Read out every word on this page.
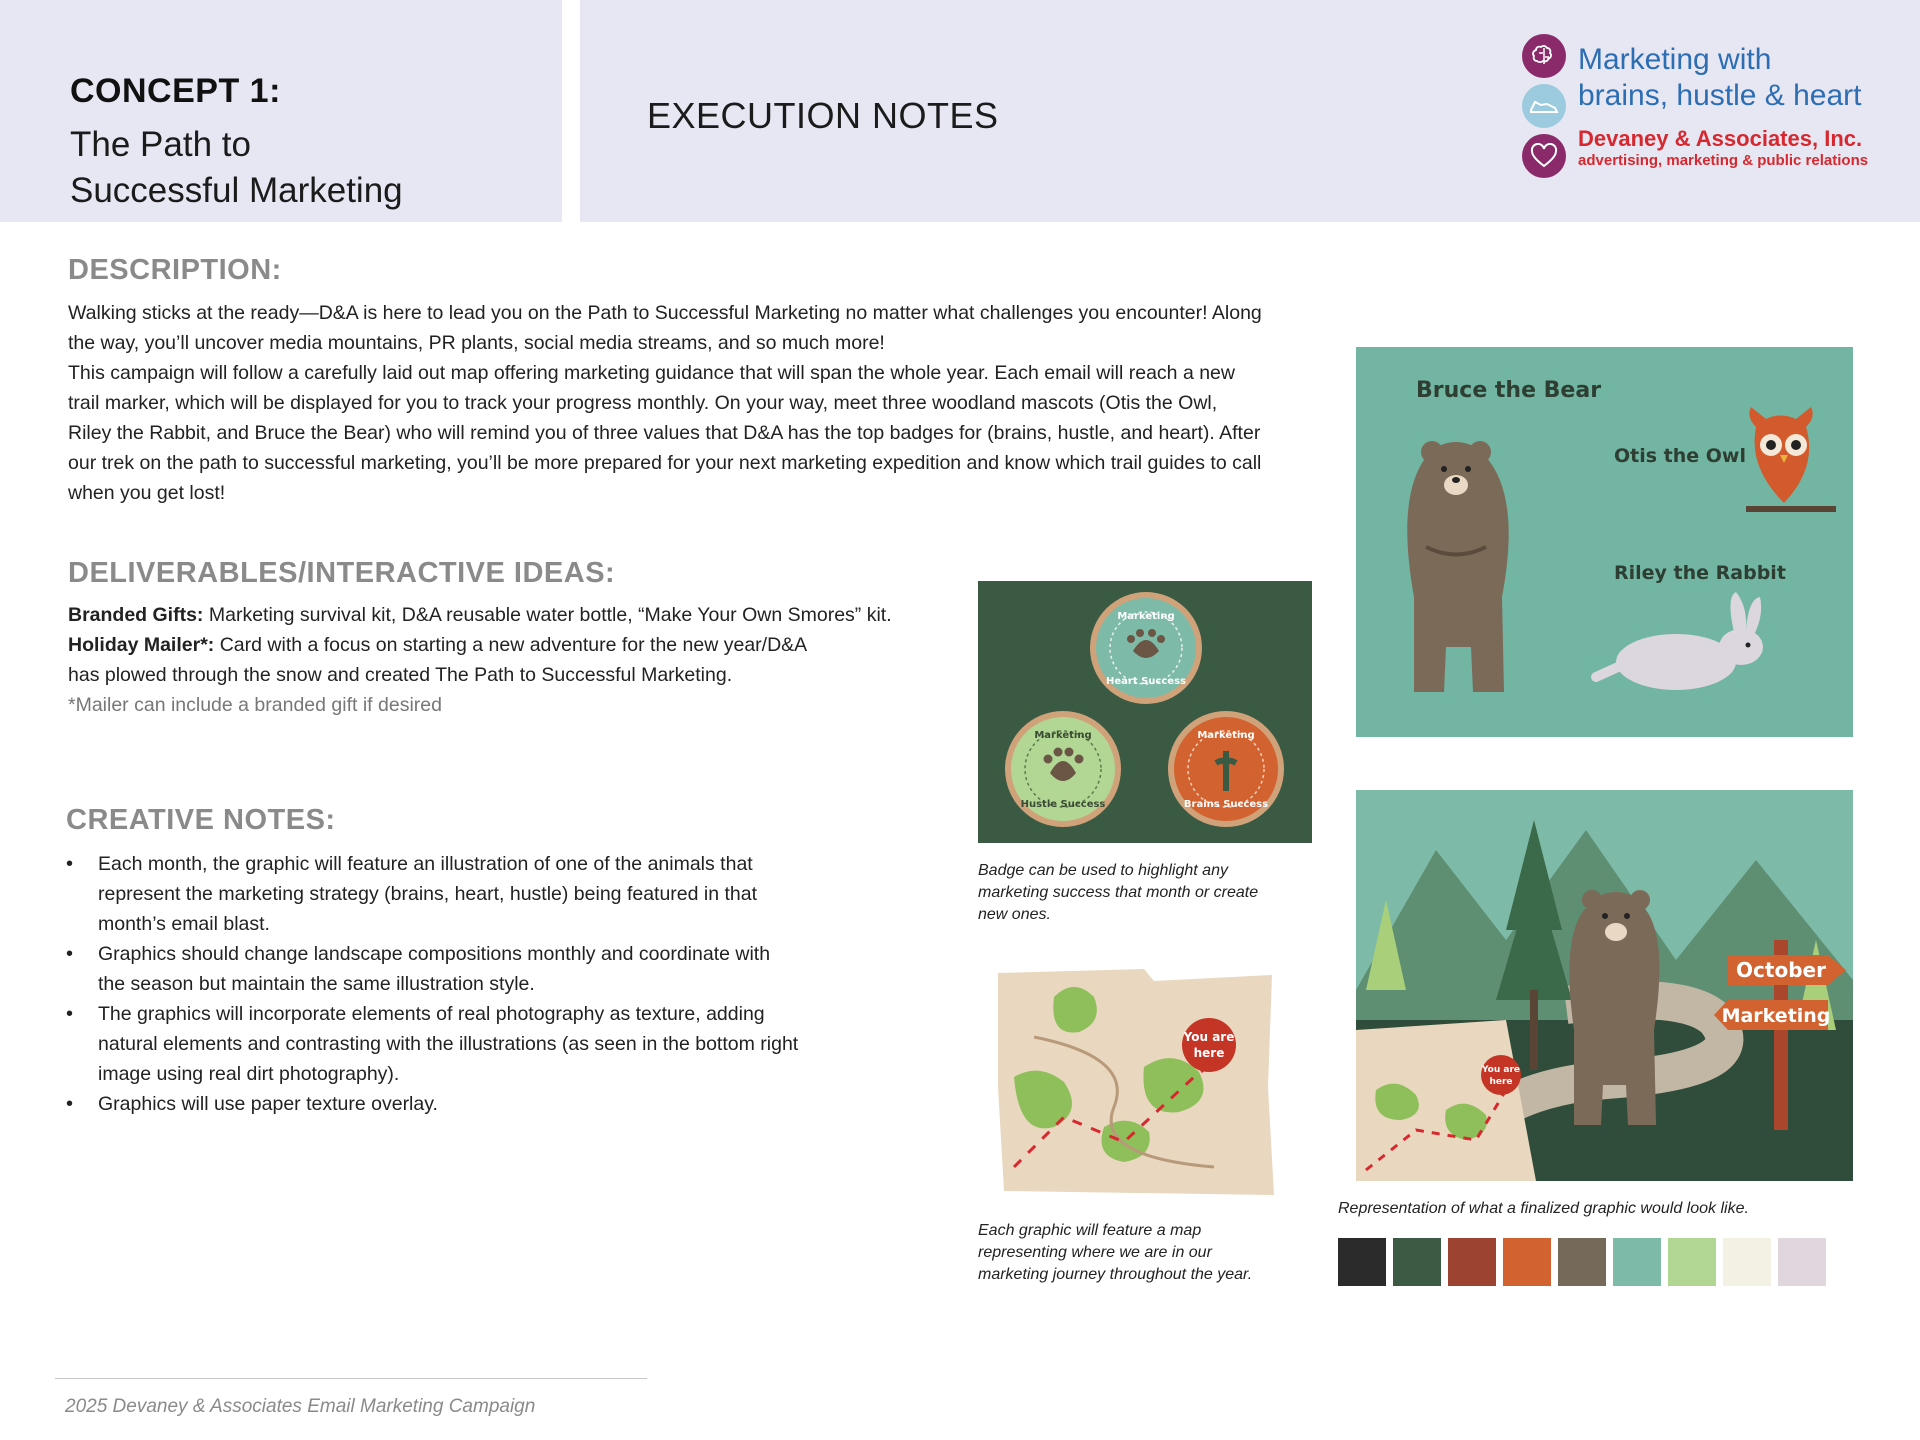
CONCEPT 1:
The Path to
Successful Marketing
EXECUTION NOTES
Marketing with
brains, hustle & heart
Devaney & Associates, Inc.
advertising, marketing & public relations
DESCRIPTION:

Walking sticks at the ready—D&A is here to lead you on the Path to Successful Marketing no matter what challenges you encounter! Along the way, you’ll uncover media mountains, PR plants, social media streams, and so much more!

This campaign will follow a carefully laid out map offering marketing guidance that will span the whole year. Each email will reach a new trail marker, which will be displayed for you to track your progress monthly. On your way, meet three woodland mascots (Otis the Owl, Riley the Rabbit, and Bruce the Bear) who will remind you of three values that D&A has the top badges for (brains, hustle, and heart). After our trek on the path to successful marketing, you’ll be more prepared for your next marketing expedition and know which trail guides to call when you get lost!

DELIVERABLES/INTERACTIVE IDEAS:
Branded Gifts: Marketing survival kit, D&A reusable water bottle, “Make Your Own Smores” kit.
Holiday Mailer*: Card with a focus on starting a new adventure for the new year/D&A
has plowed through the snow and created The Path to Successful Marketing.
*Mailer can include a branded gift if desired
CREATIVE NOTES:
• Each month, the graphic will feature an illustration of one of the animals that
represent the marketing strategy (brains, heart, hustle) being featured in that
month’s email blast.
• Graphics should change landscape compositions monthly and coordinate with
the season but maintain the same illustration style.
• The graphics will incorporate elements of real photography as texture, adding
natural elements and contrasting with the illustrations (as seen in the bottom right
image using real dirt photography).
• Graphics will use paper texture overlay.
Bruce the Bear
Otis the Owl
Riley the Rabbit
Marketing
Heart Success
Marketing
Hustle Success
Marketing
Brains Success
Badge can be used to highlight any
marketing success that month or create
new ones.
You are
here
Each graphic will feature a map
representing where we are in our
marketing journey throughout the year.
October
Marketing
You are
here
Representation of what a finalized graphic would look like.
2025 Devaney & Associates Email Marketing Campaign
